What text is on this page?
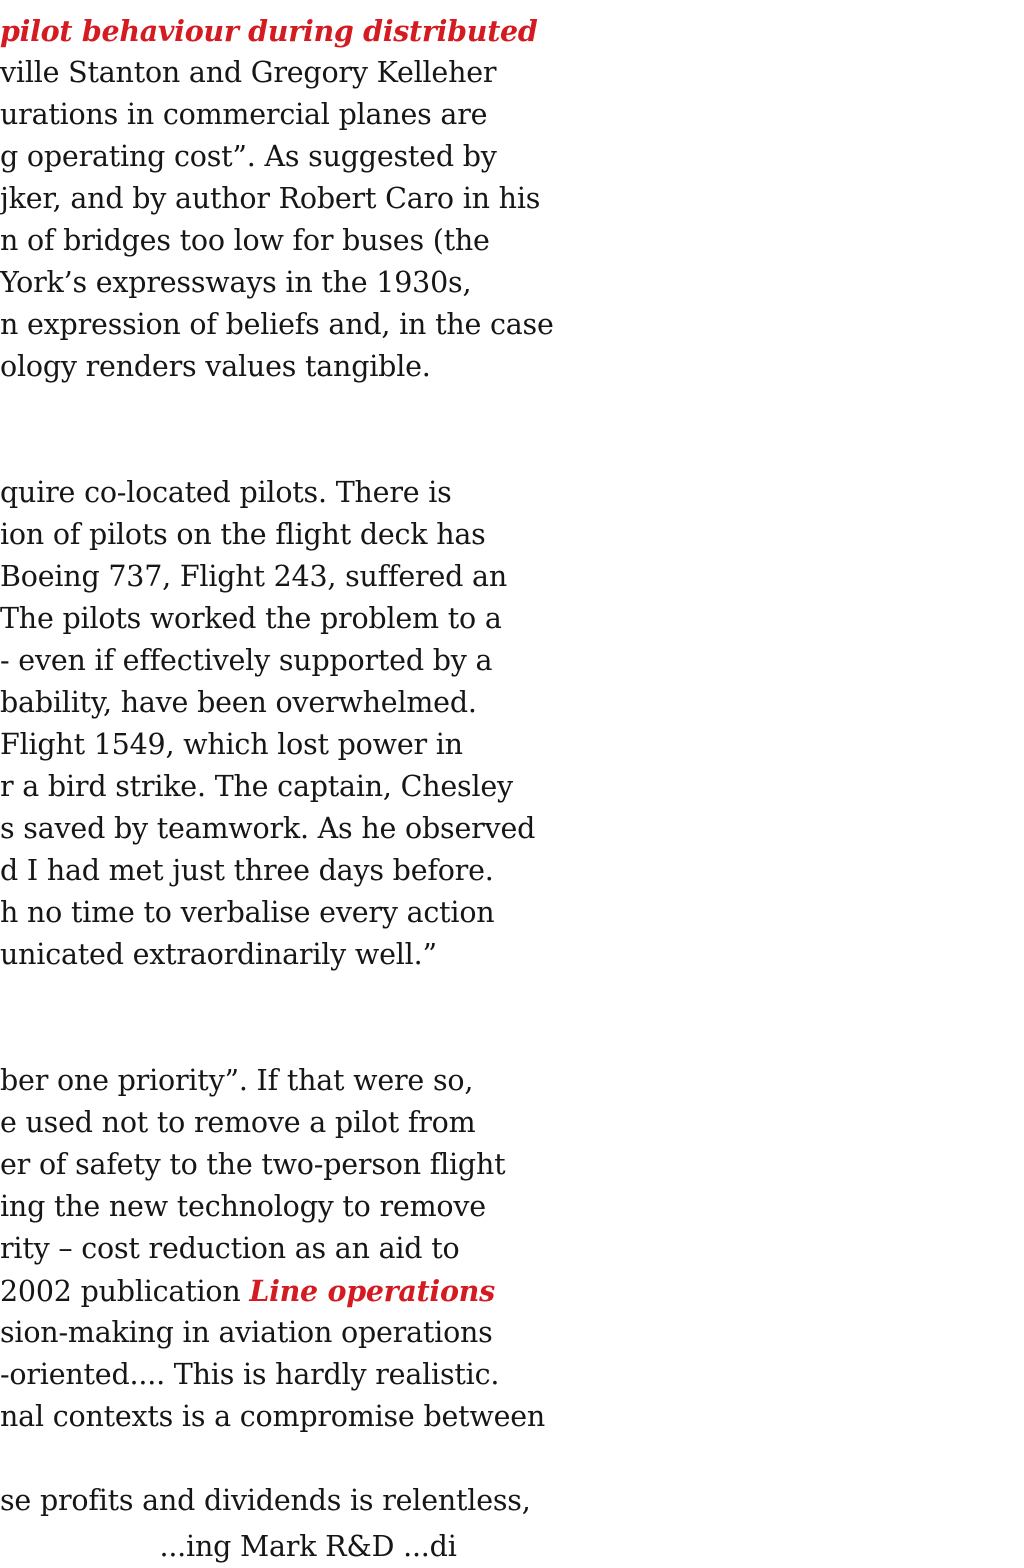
pilot behaviour during distributed
ville Stanton and Gregory Kelleher
urations in commercial planes are
g operating cost”. As suggested by
jker, and by author Robert Caro in his
n of bridges too low for buses (the
York’s expressways in the 1930s,
n expression of beliefs and, in the case
ology renders values tangible.
quire co-located pilots. There is
ion of pilots on the flight deck has
Boeing 737, Flight 243, suffered an
The pilots worked the problem to a
- even if effectively supported by a
bability, have been overwhelmed.
Flight 1549, which lost power in
r a bird strike. The captain, Chesley
s saved by teamwork. As he observed
d I had met just three days before.
h no time to verbalise every action
unicated extraordinarily well.”
ber one priority”. If that were so,
e used not to remove a pilot from
er of safety to the two-person flight
ing the new technology to remove
rity – cost reduction as an aid to
2002 publication Line operations
sion-making in aviation operations
-oriented.... This is hardly realistic.
nal contexts is a compromise between
se profits and dividends is relentless,
...ing Mark R&D ...di
